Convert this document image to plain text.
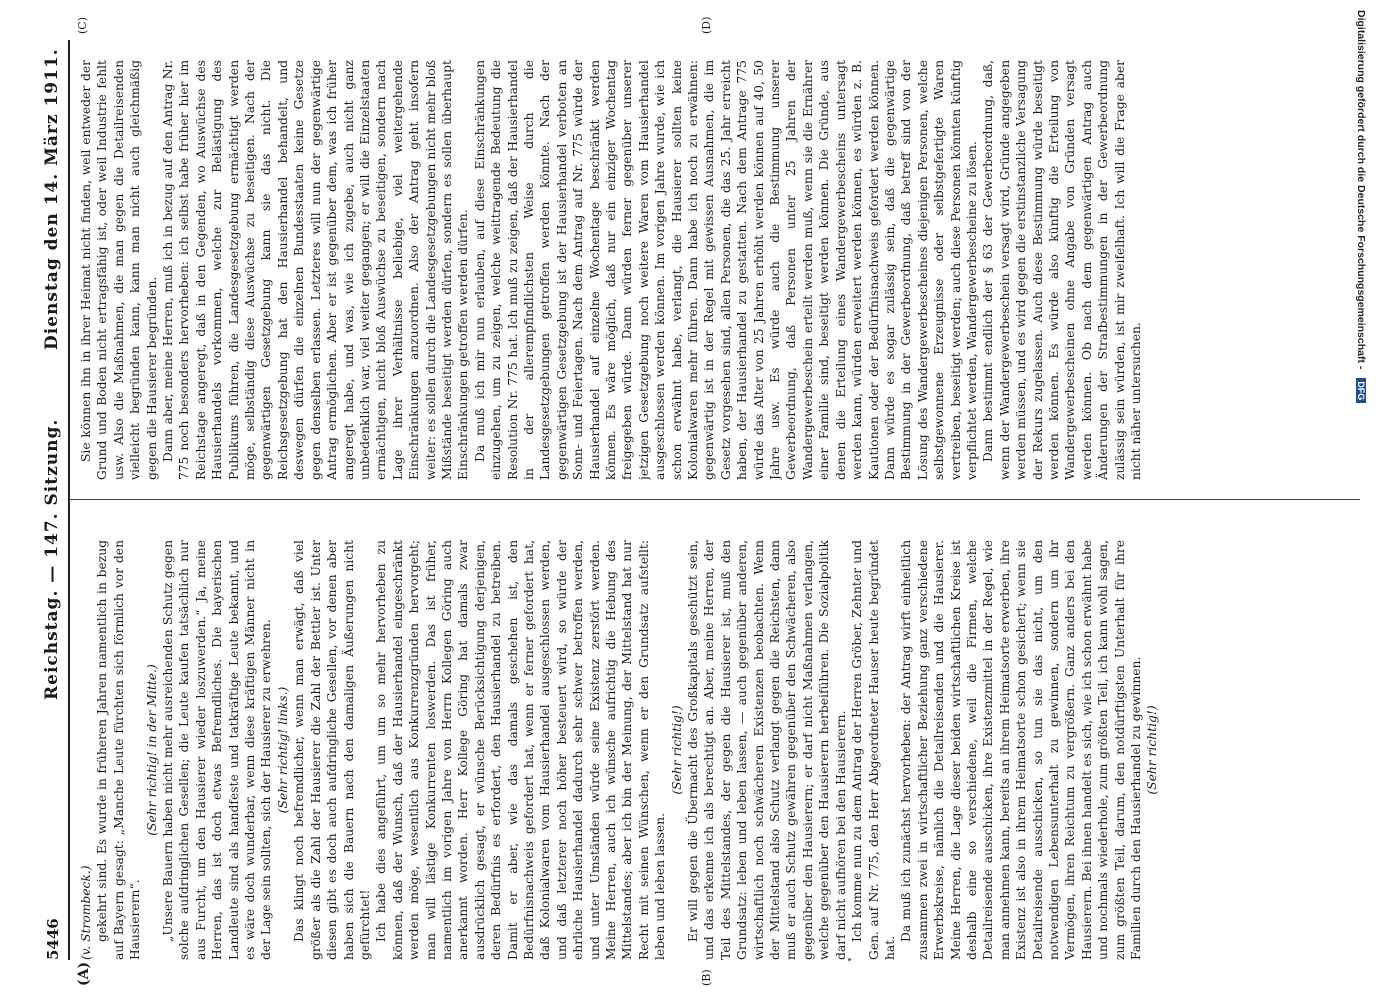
5446
Reichstag. — 147. Sitzung.
Dienstag den 14. März 1911.
(A)	(B)
(C)	(D)

(v. Strombeck.) gekehrt sind. Es wurde in früheren Jahren namentlich in bezug auf Bayern gesagt: „Manche Leute fürchten sich förmlich vor den Hausierern“.

(Sehr richtig! in der Mitte.) „Unsere Bauern haben nicht mehr ausreichenden Schutz gegen solche aufdringlichen Gesellen; die Leute kaufen tatsächlich nur aus Furcht, um den Hausierer wieder loszuwerden.“ Ja, meine Herren, das ist doch etwas Befremdliches. Die bayerischen Landleute sind als handfeste und tatkräftige Leute bekannt, und es wäre doch wunderbar, wenn diese kräftigen Männer nicht in der Lage sein sollten, sich der Hausierer zu erwehren. (Sehr richtig! links.) Das klingt noch befremdlicher, wenn man erwägt, daß viel größer als die Zahl der Hausierer die Zahl der Bettler ist. Unter diesen gibt es doch auch aufdringliche Gesellen, vor denen aber haben sich die Bauern nach den damaligen Äußerungen nicht gefürchtet! Ich habe dies angeführt, um um so mehr hervorheben zu können, daß der Wunsch, daß der Hausierhandel eingeschränkt werden möge, wesentlich aus Konkurrenzgründen hervorgeht; man will lästige Konkurrenten loswerden. Das ist früher, namentlich im vorigen Jahre von Herrn Kollegen Göring auch anerkannt worden. Herr Kollege Göring hat damals zwar ausdrücklich gesagt, er wünsche Berücksichtigung derjenigen, deren Bedürfnis es erfordert, den Hausierhandel zu betreiben. Damit er aber, wie das damals geschehen ist, den Bedürfnisnachweis gefordert hat, wenn er ferner gefordert hat, daß Kolonialwaren vom Hausierhandel ausgeschlossen werden, und daß letzterer noch höher besteuert wird, so würde der ehrliche Hausierhandel dadurch sehr schwer betroffen werden, und unter Umständen würde seine Existenz zerstört werden. Meine Herren, auch ich wünsche aufrichtig die Hebung des Mittelstandes; aber ich bin der Meinung, der Mittelstand hat nur Recht mit seinen Wünschen, wenn er den Grundsatz aufstellt: leben und leben lassen.

(Sehr richtig!) Er will gegen die Übermacht des Großkapitals geschützt sein, und das erkenne ich als berechtigt an. Aber, meine Herren, der Teil des Mittelstandes, der gegen die Hausierer ist, muß den Grundsatz: leben und leben lassen, — auch gegenüber anderen, wirtschaftlich noch schwächeren Existenzen beobachten. Wenn der Mittelstand also Schutz verlangt gegen die Reichsten, dann muß er auch Schutz gewähren gegenüber den Schwächeren, also gegenüber den Hausierern; er darf nicht Maßnahmen verlangen, welche gegenüber den Hausierern herbeiführen. Die Sozialpolitik darf nicht aufhören bei den Hausierern. Ich komme nun zu dem Antrag der Herren Gröber, Zehnter und Gen. auf Nr. 775, den Herr Abgeordneter Hauser heute begründet hat.

Da muß ich zunächst hervorheben: der Antrag wirft einheitlich zusammen zwei in wirtschaftlicher Beziehung ganz verschiedene Erwerbskreise, nämlich die Detailreisenden und die Hausierer. Meine Herren, die Lage dieser beiden wirtschaftlichen Kreise ist deshalb eine so verschiedene, weil die Firmen, welche Detailreisende ausschicken, ihre Existenzmittel in der Regel, wie man annehmen kann, bereits an ihrem Heimatsorte erwerben, ihre Existenz ist also in ihrem Heimatsorte schon gesichert; wenn sie Detailreisende ausschicken, so tun sie das nicht, um den notwendigen Lebensunterhalt zu gewinnen, sondern um ihr Vermögen, ihren Reichtum zu vergrößern. Ganz anders bei den Hausierern. Bei ihnen handelt es sich, wie ich schon erwähnt habe und nochmals wiederhole, zum größten Teil, ich kann wohl sagen, zum größten Teil, darum, den notdürftigsten Unterhalt für ihre Familien durch den Hausierhandel zu gewinnen. (Sehr richtig!)

Sie können ihn in ihrer Heimat nicht finden, weil entweder der Grund und Boden nicht ertragsfähig ist, oder weil Industrie fehlt usw. Also die Maßnahmen, die man gegen die Detailreisenden vielleicht begründen kann, kann man nicht auch gleichmäßig gegen die Hausierer begründen. Dann aber, meine Herren, muß ich in bezug auf den Antrag Nr. 775 noch besonders hervorheben: ich selbst habe früher hier im Reichstage angeregt, daß in den Gegenden, wo Auswüchse des Hausierhandels vorkommen, welche zur Belästigung des Publikums führen, die Landesgesetzgebung ermächtigt werden möge, selbständig diese Auswüchse zu beseitigen. Nach der gegenwärtigen Gesetzgebung kann sie das nicht. Die Reichsgesetzgebung hat den Hausierhandel behandelt, und deswegen dürfen die einzelnen Bundesstaaten keine Gesetze gegen denselben erlassen. Letzteres will nun der gegenwärtige Antrag ermöglichen. Aber er ist gegenüber dem, was ich früher angeregt habe, und was, wie ich zugebe, auch nicht ganz unbedenklich war, viel weiter gegangen; er will die Einzelstaaten ermächtigen, nicht bloß Auswüchse zu beseitigen, sondern nach Lage ihrer Verhältnisse beliebige, viel weitergehende Einschränkungen anzuordnen. Also der Antrag geht insofern weiter: es sollen durch die Landesgesetzgebungen nicht mehr bloß Mißstände beseitigt werden dürfen, sondern es sollen überhaupt Einschränkungen getroffen werden dürfen. Da muß ich mir nun erlauben, auf diese Einschränkungen einzugehen, um zu zeigen, welche weittragende Bedeutung die Resolution Nr. 775 hat. Ich muß zu zeigen, daß der Hausierhandel in der allerempfindlichsten Weise durch die Landesgesetzgebungen getroffen werden könnte. Nach der gegenwärtigen Gesetzgebung ist der Hausierhandel verboten an Sonn- und Feiertagen. Nach dem Antrag auf Nr. 775 würde der Hausierhandel auf einzelne Wochentage beschränkt werden können. Es wäre möglich, daß nur ein einziger Wochentag freigegeben würde. Dann würden ferner gegenüber unserer jetzigen Gesetzgebung noch weitere Waren vom Hausierhandel ausgeschlossen werden können. Im vorigen Jahre wurde, wie ich schon erwähnt habe, verlangt, die Hausierer sollten keine Kolonialwaren mehr führen. Dann habe ich noch zu erwähnen: gegenwärtig ist in der Regel mit gewissen Ausnahmen, die im Gesetz vorgesehen sind, allen Personen, die das 25. Jahr erreicht haben, der Hausierhandel zu gestatten. Nach dem Antrage 775 würde das Alter von 25 Jahren erhöht werden können auf 40, 50 Jahre usw. Es würde auch die Bestimmung unserer Gewerbeordnung, daß Personen unter 25 Jahren der Wandergewerbeschein erteilt werden muß, wenn sie die Ernährer einer Familie sind, beseitigt werden können. Die Gründe, aus denen die Erteilung eines Wandergewerbescheins untersagt werden kann, würden erweitert werden können, es würden z. B. Kautionen oder der Bedürfnisnachweis gefordert werden können. Dann würde es sogar zulässig sein, daß die gegenwärtige Bestimmung in der Gewerbeordnung, daß betreff sind von der Lösung des Wandergewerbescheines diejenigen Personen, welche selbstgewonnene Erzeugnisse oder selbstgefertigte Waren vertreiben, beseitigt werden; auch diese Personen könnten künftig verpflichtet werden, Wandergewerbescheine zu lösen. Dann bestimmt endlich der § 63 der Gewerbeordnung, daß, wenn der Wandergewerbeschein versagt wird, Gründe angegeben werden müssen, und es wird gegen die erstinstanzliche Versagung der Rekurs zugelassen. Auch diese Bestimmung würde beseitigt werden können. Es würde also künftig die Erteilung von Wandergewerbescheinen ohne Angabe von Gründen versagt werden können. Ob nach dem gegenwärtigen Antrag auch Änderungen der Strafbestimmungen in der Gewerbeordnung zulässig sein würden, ist mir zweifelhaft. Ich will die Frage aber nicht näher untersuchen.

Digitalisierung gefördert durch die Deutsche Forschungsgemeinschaft - DFG
